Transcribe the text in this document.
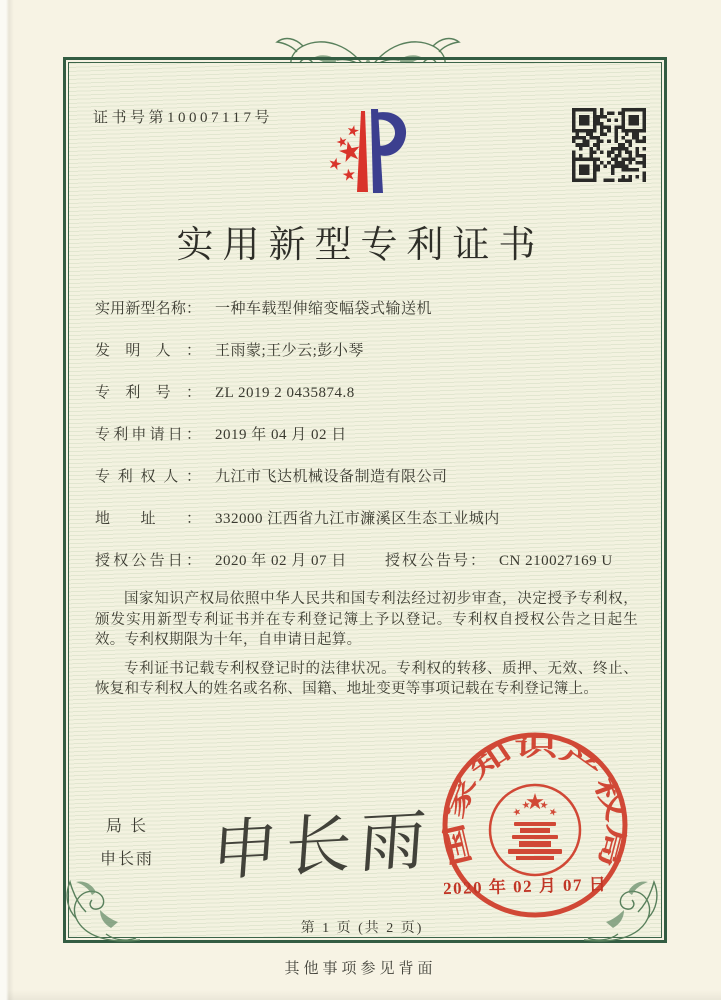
证书号第10007117号
实用新型专利证书
实用新型名称： 一种车载型伸缩变幅袋式输送机
发明人： 王雨蒙;王少云;彭小琴
专利号： ZL 2019 2 0435874.8
专利申请日： 2019 年 04 月 02 日
专利权人： 九江市飞达机械设备制造有限公司
地址： 332000 江西省九江市濂溪区生态工业城内
授权公告日： 2020 年 02 月 07 日	授权公告号： CN 210027169 U

国家知识产权局依照中华人民共和国专利法经过初步审查，决定授予专利权，颁发实用新型专利证书并在专利登记簿上予以登记。专利权自授权公告之日起生效。专利权期限为十年，自申请日起算。

专利证书记载专利权登记时的法律状况。专利权的转移、质押、无效、终止、恢复和专利权人的姓名或名称、国籍、地址变更等事项记载在专利登记簿上。

局长
申长雨 申长雨 国家知识产权局
2020 年 02 月 07 日
第 1 页 (共 2 页)
其他事项参见背面
